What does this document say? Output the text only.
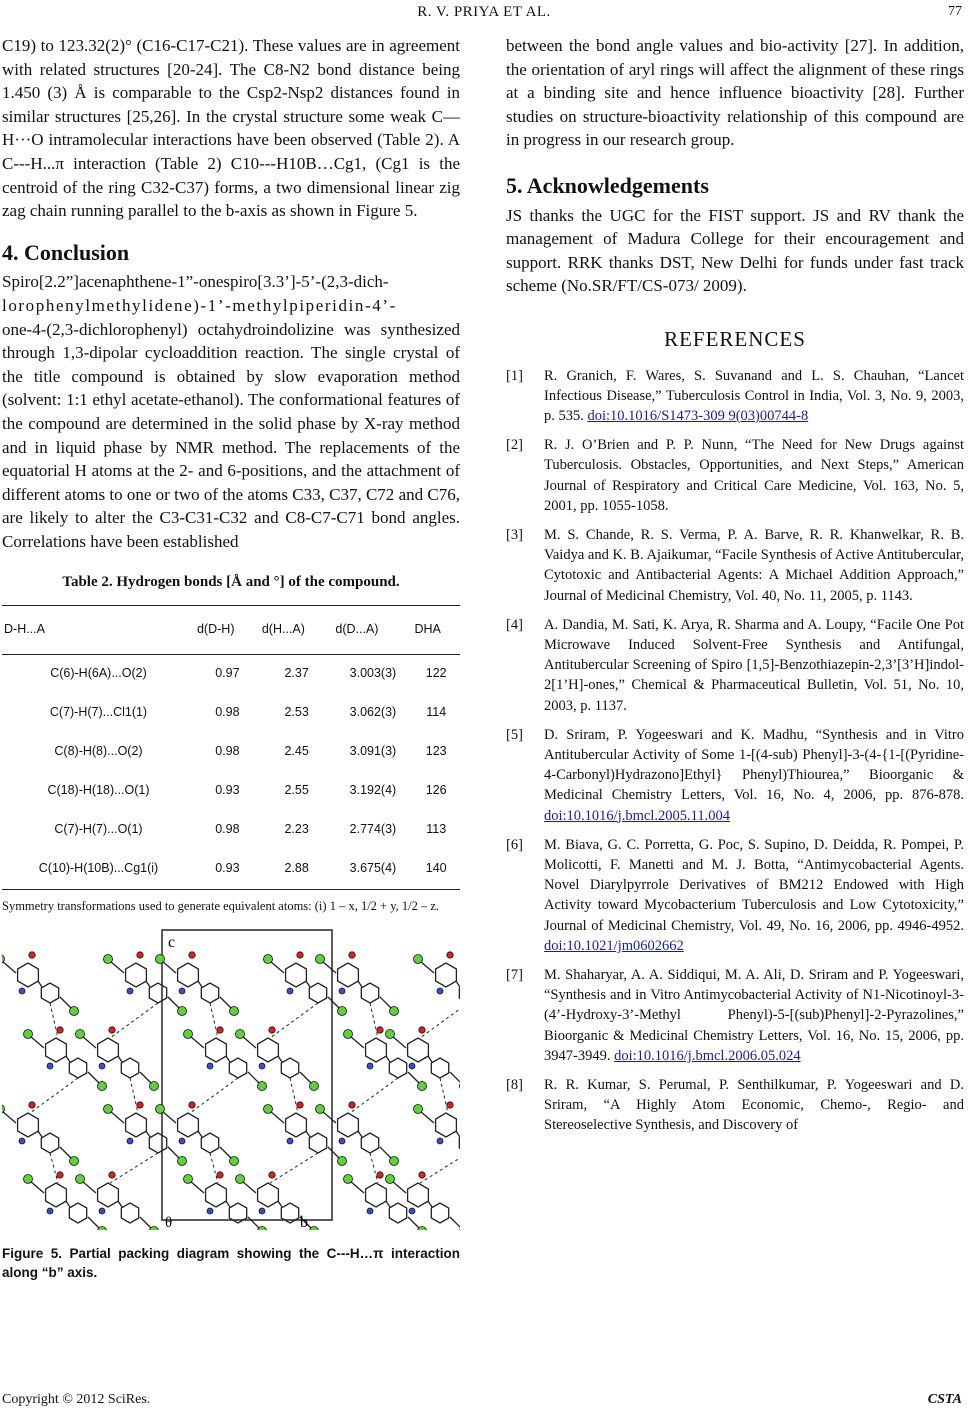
R. V. PRIYA ET AL.	77

C19) to 123.32(2)° (C16-C17-C21). These values are in agreement with related structures [20-24]. The C8-N2 bond distance being 1.450 (3) Å is comparable to the Csp2-Nsp2 distances found in similar structures [25,26]. In the crystal structure some weak C—H···O intramolecular interactions have been observed (Table 2). A C---H...π interaction (Table 2) C10---H10B…Cg1, (Cg1 is the centroid of the ring C32-C37) forms, a two dimensional linear zig zag chain running parallel to the b-axis as shown in Figure 5.

4. Conclusion

Spiro[2.2”]acenaphthene-1”-onespiro[3.3’]-5’-(2,3-dich-

lorophenylmethylidene)-1’-methylpiperidin-4’-

one-4-(2,3-dichlorophenyl) octahydroindolizine was synthesized through 1,3-dipolar cycloaddition reaction. The single crystal of the title compound is obtained by slow evaporation method (solvent: 1:1 ethyl acetate-ethanol). The conformational features of the compound are determined in the solid phase by X-ray method and in liquid phase by NMR method. The replacements of the equatorial H atoms at the 2- and 6-positions, and the attachment of different atoms to one or two of the atoms C33, C37, C72 and C76, are likely to alter the C3-C31-C32 and C8-C7-C71 bond angles. Correlations have been established

Table 2. Hydrogen bonds [Å and °] of the compound.
D-H...A	d(D-H)	d(H...A)	d(D...A)	DHA
C(6)-H(6A)...O(2)	0.97	2.37	3.003(3)	122
C(7)-H(7)...Cl1(1)	0.98	2.53	3.062(3)	114
C(8)-H(8)...O(2)	0.98	2.45	3.091(3)	123
C(18)-H(18)...O(1)	0.93	2.55	3.192(4)	126
C(7)-H(7)...O(1)	0.98	2.23	2.774(3)	113
C(10)-H(10B)...Cg1(i)	0.93	2.88	3.675(4)	140
Symmetry transformations used to generate equivalent atoms: (i) 1 – x, 1/2 + y, 1/2 – z.
c
θ	b
Figure 5. Partial packing diagram showing the C---H…π interaction along “b” axis.

between the bond angle values and bio-activity [27]. In addition, the orientation of aryl rings will affect the alignment of these rings at a binding site and hence influence bioactivity [28]. Further studies on structure-bioactivity relationship of this compound are in progress in our research group.

5. Acknowledgements

JS thanks the UGC for the FIST support. JS and RV thank the management of Madura College for their encouragement and support. RRK thanks DST, New Delhi for funds under fast track scheme (No.SR/FT/CS-073/ 2009).

REFERENCES
[1]	R. Granich, F. Wares, S. Suvanand and L. S. Chauhan, “Lancet Infectious Disease,” Tuberculosis Control in India, Vol. 3, No. 9, 2003, p. 535. doi:10.1016/S1473-309 9(03)00744-8
[2]	R. J. O’Brien and P. P. Nunn, “The Need for New Drugs against Tuberculosis. Obstacles, Opportunities, and Next Steps,” American Journal of Respiratory and Critical Care Medicine, Vol. 163, No. 5, 2001, pp. 1055-1058.
[3]	M. S. Chande, R. S. Verma, P. A. Barve, R. R. Khanwelkar, R. B. Vaidya and K. B. Ajaikumar, “Facile Synthesis of Active Antitubercular, Cytotoxic and Antibacterial Agents: A Michael Addition Approach,” Journal of Medicinal Chemistry, Vol. 40, No. 11, 2005, p. 1143.
[4]	A. Dandia, M. Sati, K. Arya, R. Sharma and A. Loupy, “Facile One Pot Microwave Induced Solvent-Free Synthesis and Antifungal, Antitubercular Screening of Spiro [1,5]-Benzothiazepin-2,3’[3’H]indol-2[1’H]-ones,” Chemical & Pharmaceutical Bulletin, Vol. 51, No. 10, 2003, p. 1137.
[5]	D. Sriram, P. Yogeeswari and K. Madhu, “Synthesis and in Vitro Antitubercular Activity of Some 1-[(4-sub) Phenyl]-3-(4-{1-[(Pyridine-4-Carbonyl)Hydrazono]Ethyl} Phenyl)Thiourea,” Bioorganic & Medicinal Chemistry Letters, Vol. 16, No. 4, 2006, pp. 876-878. doi:10.1016/j.bmcl.2005.11.004
[6]	M. Biava, G. C. Porretta, G. Poc, S. Supino, D. Deidda, R. Pompei, P. Molicotti, F. Manetti and M. J. Botta, “Antimycobacterial Agents. Novel Diarylpyrrole Derivatives of BM212 Endowed with High Activity toward Mycobacterium Tuberculosis and Low Cytotoxicity,” Journal of Medicinal Chemistry, Vol. 49, No. 16, 2006, pp. 4946-4952. doi:10.1021/jm0602662
[7]	M. Shaharyar, A. A. Siddiqui, M. A. Ali, D. Sriram and P. Yogeeswari, “Synthesis and in Vitro Antimycobacterial Activity of N1-Nicotinoyl-3-(4’-Hydroxy-3’-Methyl Phenyl)-5-[(sub)Phenyl]-2-Pyrazolines,” Bioorganic & Medicinal Chemistry Letters, Vol. 16, No. 15, 2006, pp. 3947-3949. doi:10.1016/j.bmcl.2006.05.024
[8]	R. R. Kumar, S. Perumal, P. Senthilkumar, P. Yogeeswari and D. Sriram, “A Highly Atom Economic, Chemo-, Regio- and Stereoselective Synthesis, and Discovery of
Copyright © 2012 SciRes.	CSTA
